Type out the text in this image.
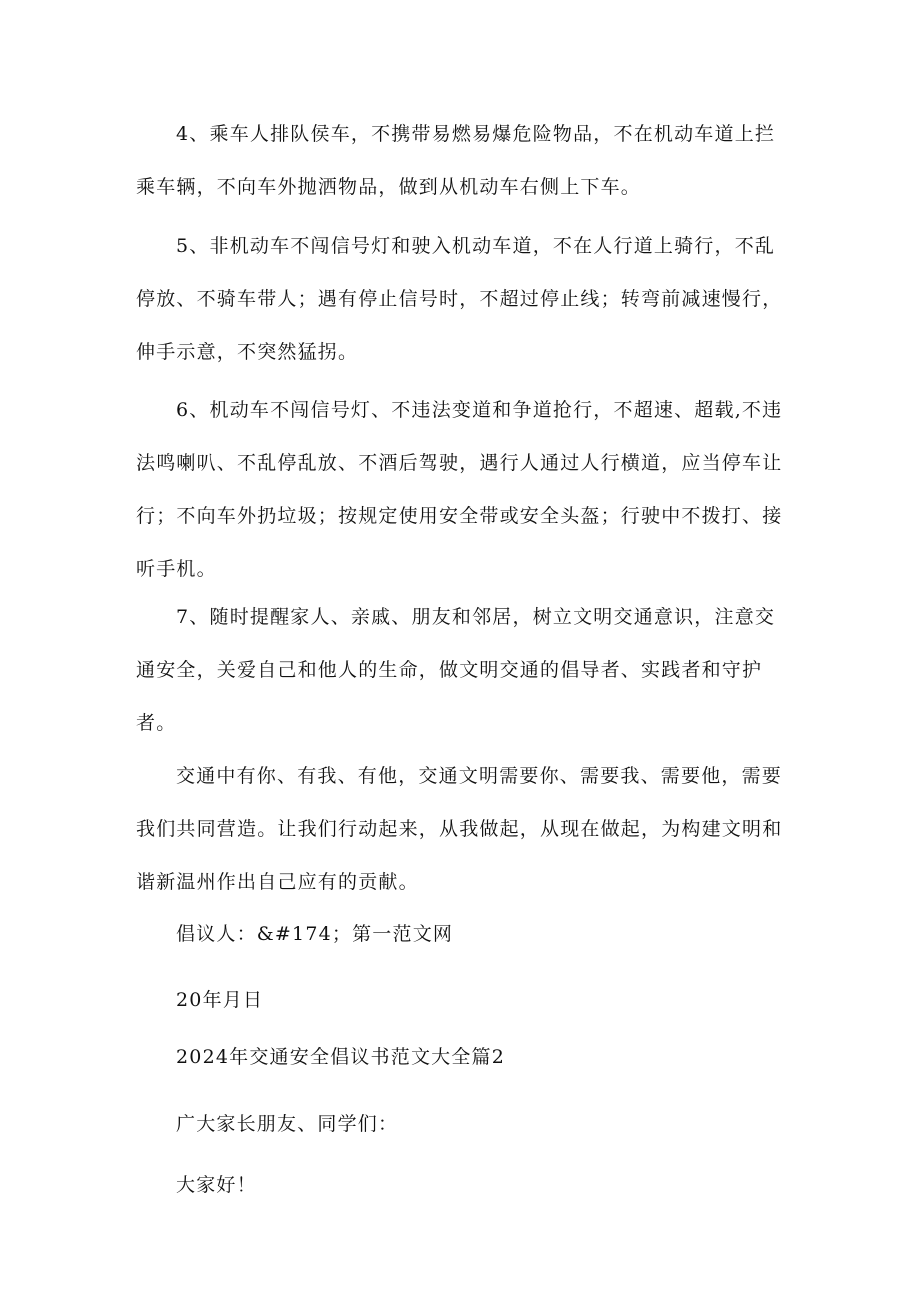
4、乘车人排队侯车，不携带易燃易爆危险物品，不在机动车道上拦乘车辆，不向车外抛洒物品，做到从机动车右侧上下车。

5、非机动车不闯信号灯和驶入机动车道，不在人行道上骑行，不乱停放、不骑车带人；遇有停止信号时，不超过停止线；转弯前减速慢行，伸手示意，不突然猛拐。

6、机动车不闯信号灯、不违法变道和争道抢行，不超速、超载,不违法鸣喇叭、不乱停乱放、不酒后驾驶，遇行人通过人行横道，应当停车让行；不向车外扔垃圾；按规定使用安全带或安全头盔；行驶中不拨打、接听手机。

7、随时提醒家人、亲戚、朋友和邻居，树立文明交通意识，注意交通安全，关爱自己和他人的生命，做文明交通的倡导者、实践者和守护者。

交通中有你、有我、有他，交通文明需要你、需要我、需要他，需要我们共同营造。让我们行动起来，从我做起，从现在做起，为构建文明和谐新温州作出自己应有的贡献。

倡议人：&#174；第一范文网

20年月日

2024年交通安全倡议书范文大全篇2

广大家长朋友、同学们：

大家好！
